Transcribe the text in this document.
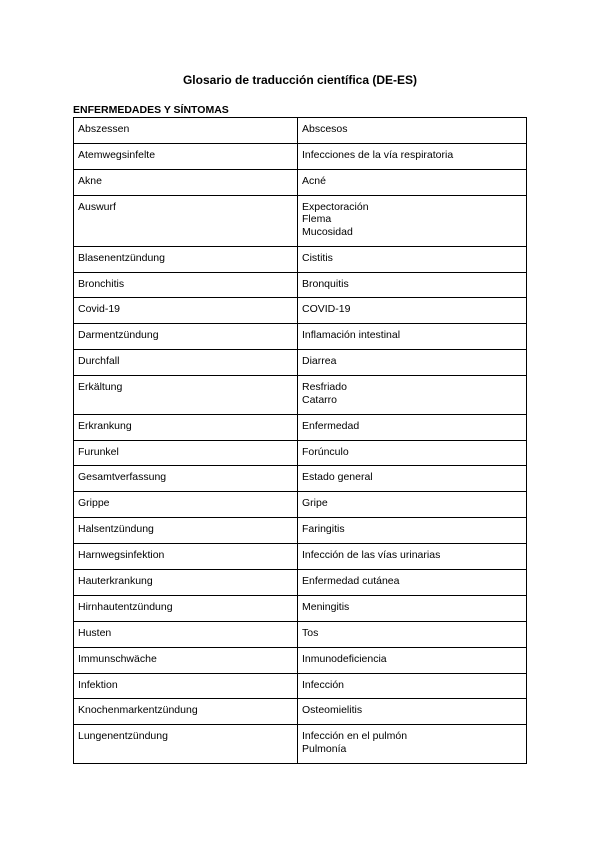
Glosario de traducción científica (DE-ES)
ENFERMEDADES Y SÍNTOMAS
Abszessen	Abscesos

Atemwegsinfelte	Infecciones de la vía respiratoria

Akne	Acné

Auswurf	Expectoración
Flema
Mucosidad

Blasenentzündung	Cistitis

Bronchitis	Bronquitis

Covid-19	COVID-19

Darmentzündung	Inflamación intestinal

Durchfall	Diarrea

Erkältung	Resfriado
Catarro

Erkrankung	Enfermedad

Furunkel	Forúnculo

Gesamtverfassung	Estado general

Grippe	Gripe

Halsentzündung	Faringitis

Harnwegsinfektion	Infección de las vías urinarias

Hauterkrankung	Enfermedad cutánea

Hirnhautentzündung	Meningitis

Husten	Tos

Immunschwäche	Inmunodeficiencia

Infektion	Infección

Knochenmarkentzündung	Osteomielitis

Lungenentzündung	Infección en el pulmón
Pulmonía
